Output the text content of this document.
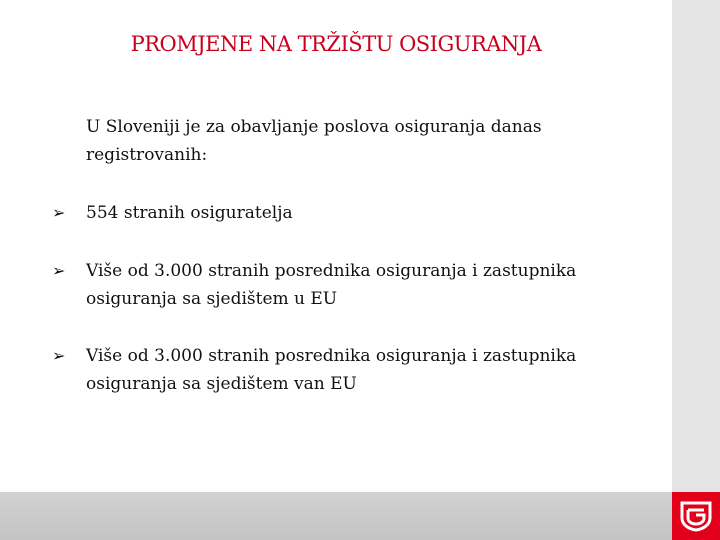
PROMJENE NA TRŽIŠTU OSIGURANJA

U Sloveniji je za obavljanje poslova osiguranja danas registrovanih:

➢	554 stranih osiguratelja
➢	Više od 3.000 stranih posrednika osiguranja i zastupnika osiguranja sa sjedištem u EU
➢	Više od 3.000 stranih posrednika osiguranja i zastupnika osiguranja sa sjedištem van EU
